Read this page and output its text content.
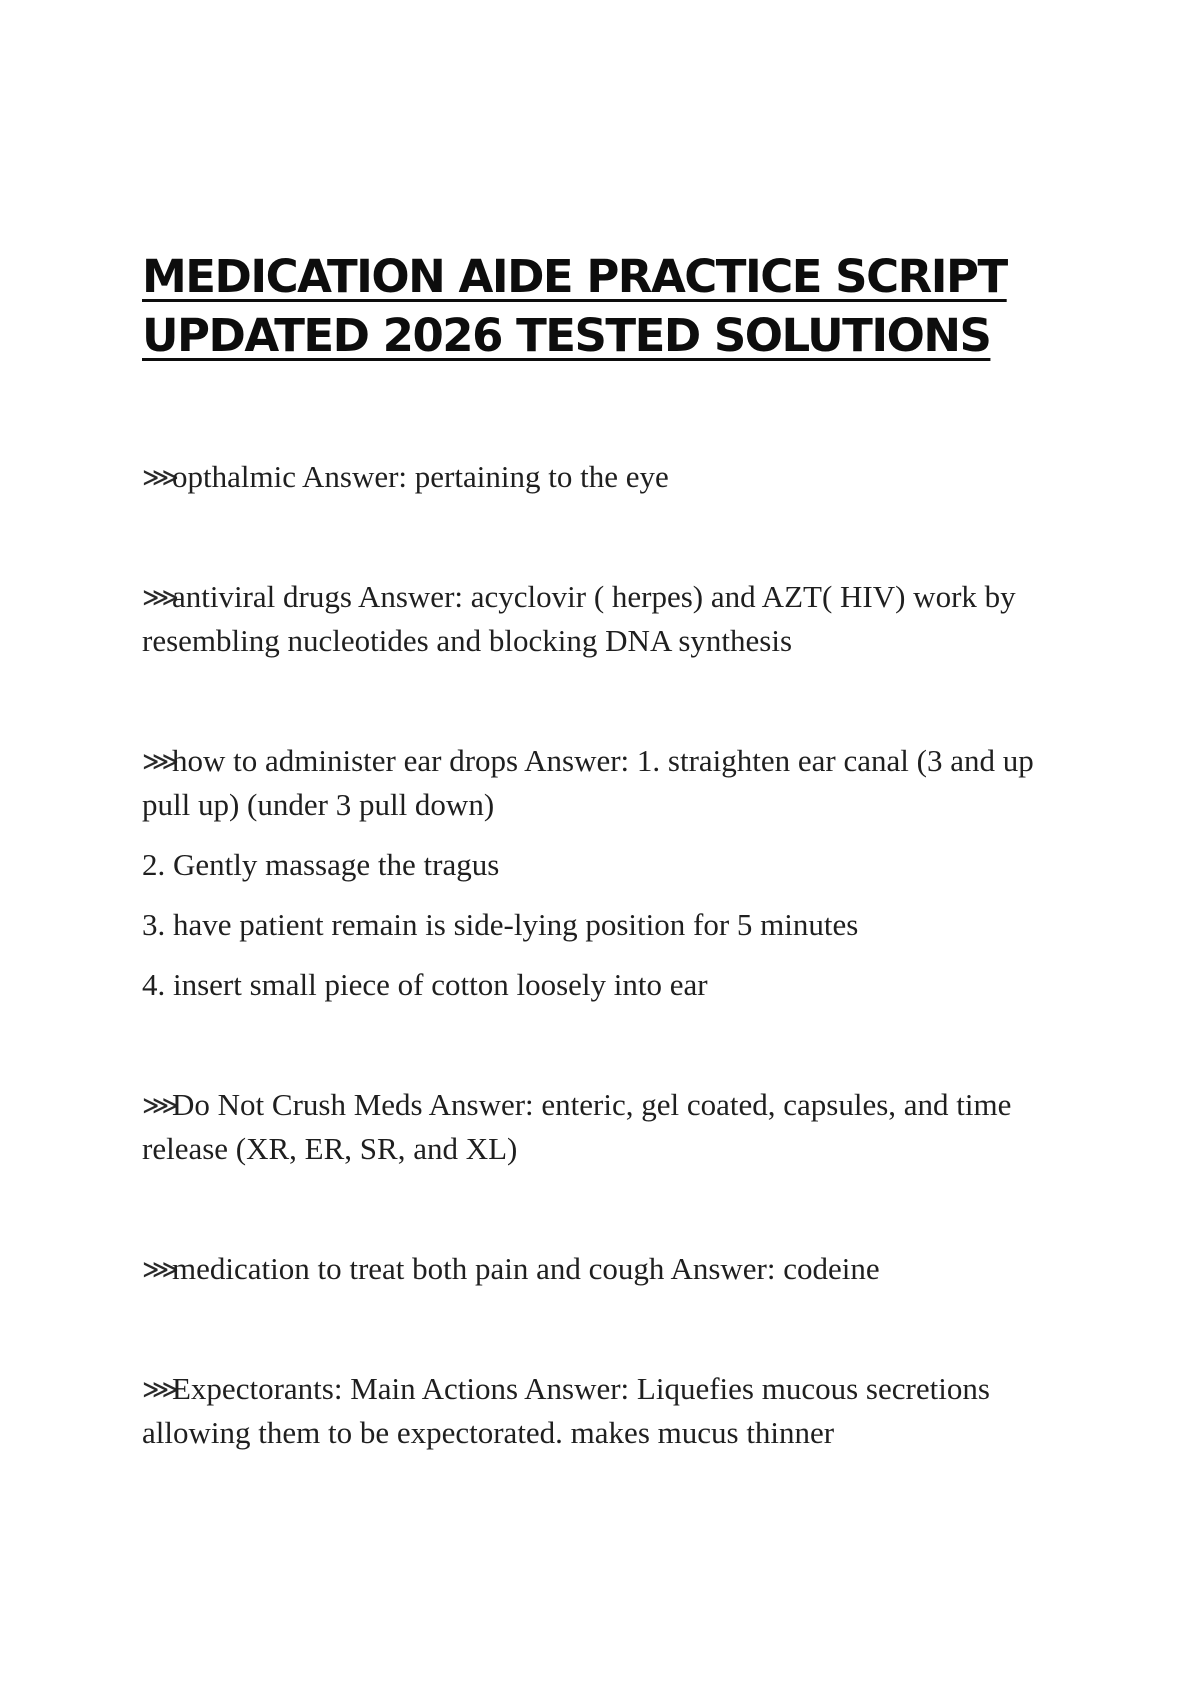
MEDICATION AIDE PRACTICE SCRIPT
UPDATED 2026 TESTED SOLUTIONS

⋙opthalmic Answer: pertaining to the eye

⋙antiviral drugs Answer: acyclovir ( herpes) and AZT( HIV) work by resembling nucleotides and blocking DNA synthesis

⋙how to administer ear drops Answer: 1. straighten ear canal (3 and up pull up) (under 3 pull down)

2. Gently massage the tragus

3. have patient remain is side-lying position for 5 minutes

4. insert small piece of cotton loosely into ear

⋙Do Not Crush Meds Answer: enteric, gel coated, capsules, and time release (XR, ER, SR, and XL)

⋙medication to treat both pain and cough Answer: codeine

⋙Expectorants: Main Actions Answer: Liquefies mucous secretions allowing them to be expectorated. makes mucus thinner
